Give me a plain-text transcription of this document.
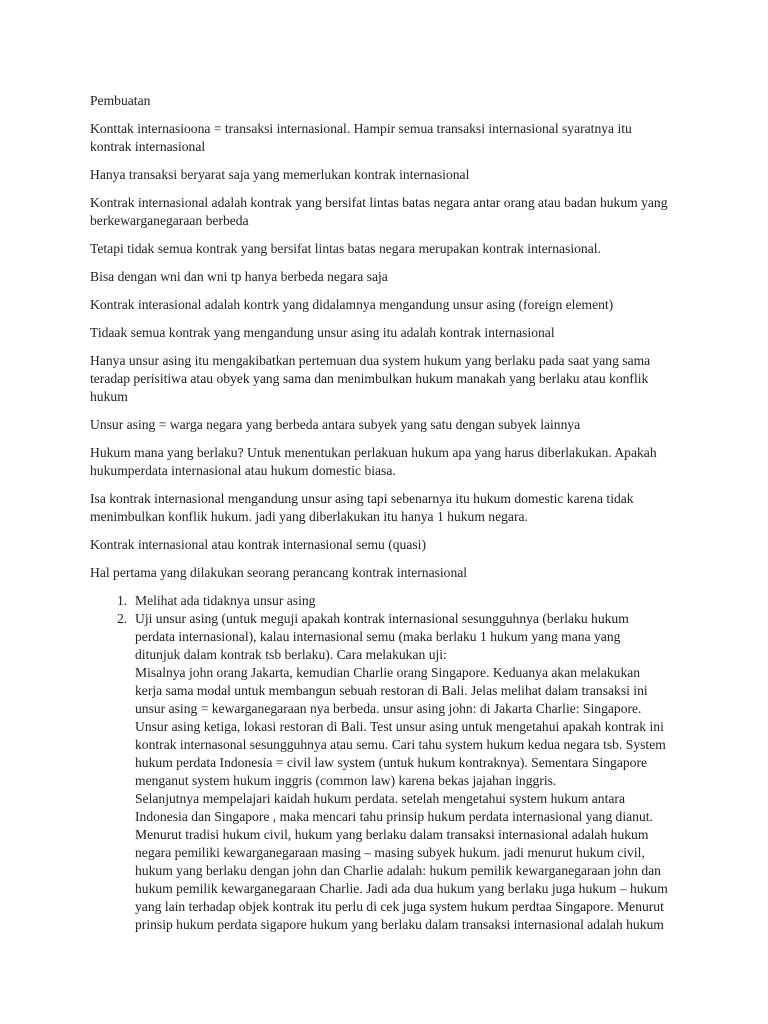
Pembuatan

Konttak internasioona = transaksi internasional. Hampir semua transaksi internasional syaratnya itu
kontrak internasional

Hanya transaksi beryarat saja yang memerlukan kontrak internasional

Kontrak internasional adalah kontrak yang bersifat lintas batas negara antar orang atau badan hukum yang
berkewarganegaraan berbeda

Tetapi tidak semua kontrak yang bersifat lintas batas negara merupakan kontrak internasional.

Bisa dengan wni dan wni tp hanya berbeda negara saja

Kontrak interasional adalah kontrk yang didalamnya mengandung unsur asing (foreign element)

Tidaak semua kontrak yang mengandung unsur asing itu adalah kontrak internasional

Hanya unsur asing itu mengakibatkan pertemuan dua system hukum yang berlaku pada saat yang sama
teradap perisitiwa atau obyek yang sama dan menimbulkan hukum manakah yang berlaku atau konflik
hukum

Unsur asing = warga negara yang berbeda antara subyek yang satu dengan subyek lainnya

Hukum mana yang berlaku? Untuk menentukan perlakuan hukum apa yang harus diberlakukan. Apakah
hukumperdata internasional atau hukum domestic biasa.

Isa kontrak internasional mengandung unsur asing tapi sebenarnya itu hukum domestic karena tidak
menimbulkan konflik hukum. jadi yang diberlakukan itu hanya 1 hukum negara.

Kontrak internasional atau kontrak internasional semu (quasi)

Hal pertama yang dilakukan seorang perancang kontrak internasional

1. Melihat ada tidaknya unsur asing
2. Uji unsur asing (untuk meguji apakah kontrak internasional sesungguhnya (berlaku hukum
perdata internasional), kalau internasional semu (maka berlaku 1 hukum yang mana yang
ditunjuk dalam kontrak tsb berlaku). Cara melakukan uji:
Misalnya john orang Jakarta, kemudian Charlie orang Singapore. Keduanya akan melakukan
kerja sama modal untuk membangun sebuah restoran di Bali. Jelas melihat dalam transaksi ini
unsur asing = kewarganegaraan nya berbeda. unsur asing john: di Jakarta Charlie: Singapore.
Unsur asing ketiga, lokasi restoran di Bali. Test unsur asing untuk mengetahui apakah kontrak ini
kontrak internasonal sesungguhnya atau semu. Cari tahu system hukum kedua negara tsb. System
hukum perdata Indonesia = civil law system (untuk hukum kontraknya). Sementara Singapore
menganut system hukum inggris (common law) karena bekas jajahan inggris.
Selanjutnya mempelajari kaidah hukum perdata. setelah mengetahui system hukum antara
Indonesia dan Singapore , maka mencari tahu prinsip hukum perdata internasional yang dianut.
Menurut tradisi hukum civil, hukum yang berlaku dalam transaksi internasional adalah hukum
negara pemiliki kewarganegaraan masing – masing subyek hukum. jadi menurut hukum civil,
hukum yang berlaku dengan john dan Charlie adalah: hukum pemilik kewarganegaraan john dan
hukum pemilik kewarganegaraan Charlie. Jadi ada dua hukum yang berlaku juga hukum – hukum
yang lain terhadap objek kontrak itu perlu di cek juga system hukum perdtaa Singapore. Menurut
prinsip hukum perdata sigapore hukum yang berlaku dalam transaksi internasional adalah hukum
